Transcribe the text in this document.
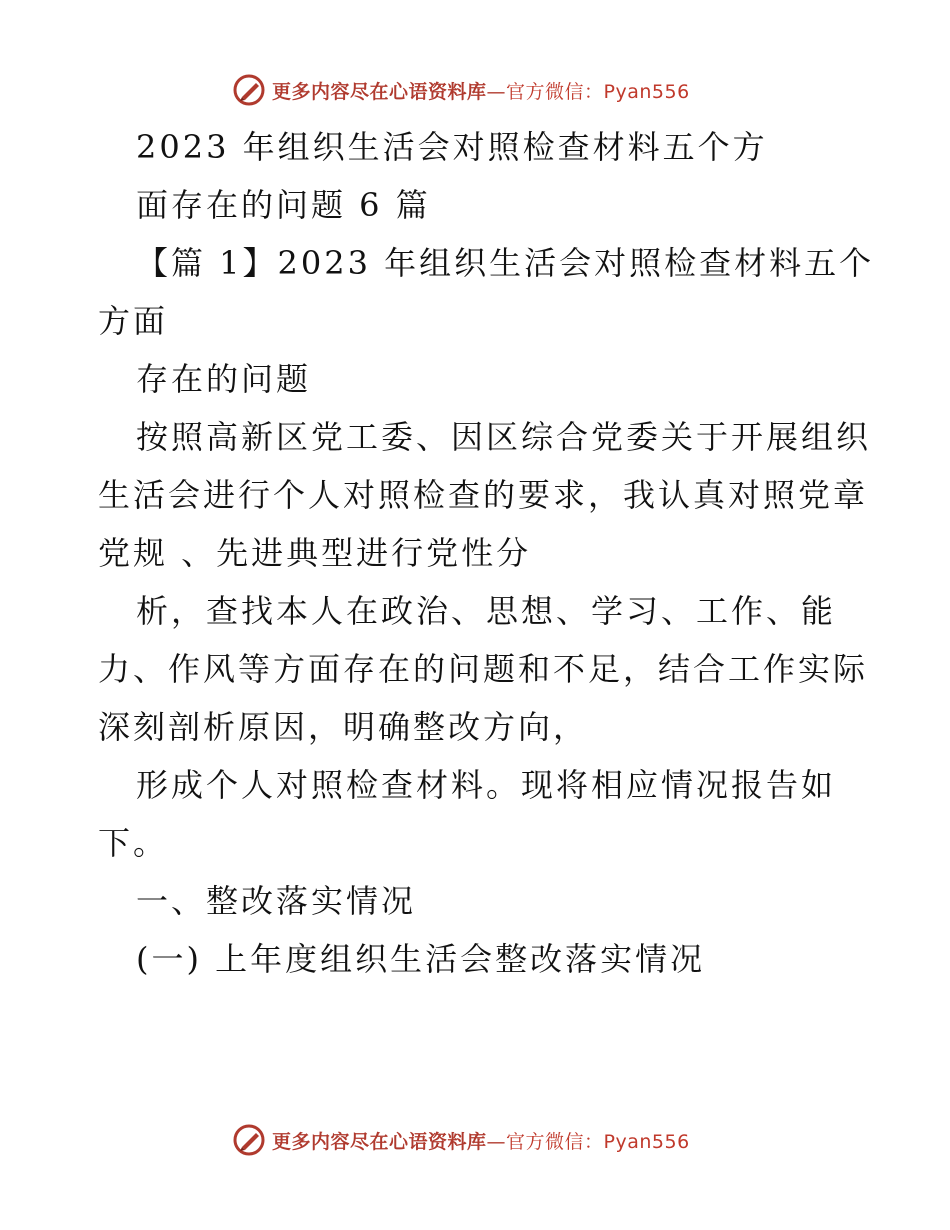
更多内容尽在心语资料库—官方微信：Pyan556
2023 年组织生活会对照检查材料五个方
面存在的问题 6 篇
【篇 1】2023 年组织生活会对照检查材料五个
方面
存在的问题
按照高新区党工委、因区综合党委关于开展组织
生活会进行个人对照检查的要求，我认真对照党章
党规 、先进典型进行党性分
析，查找本人在政治、思想、学习、工作、能
力、作风等方面存在的问题和不足，结合工作实际
深刻剖析原因，明确整改方向，
形成个人对照检查材料。现将相应情况报告如
下。
一、整改落实情况
(一) 上年度组织生活会整改落实情况
更多内容尽在心语资料库—官方微信：Pyan556
